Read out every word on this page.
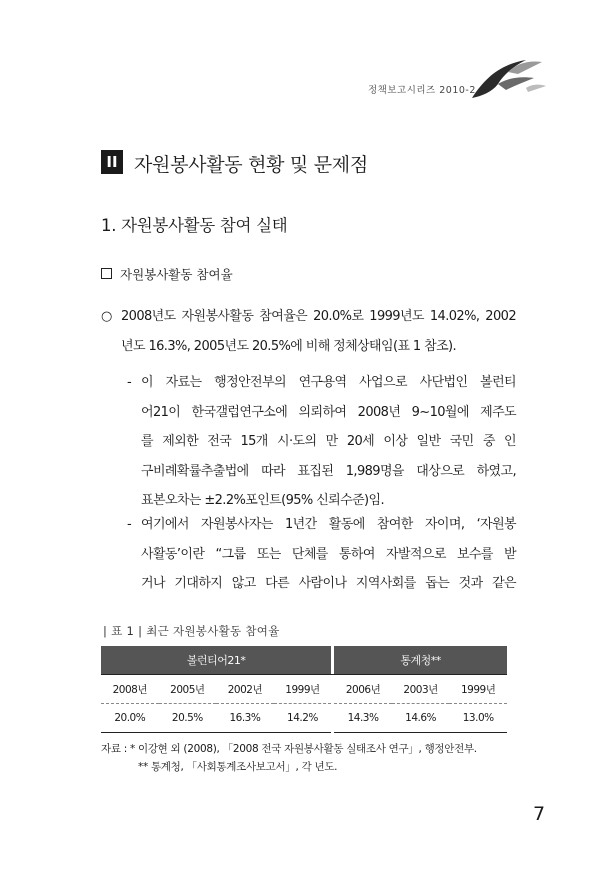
정책보고시리즈 2010-2
II 자원봉사활동 현황 및 문제점
1. 자원봉사활동 참여 실태
자원봉사활동 참여율
○ 2008년도 자원봉사활동 참여율은 20.0%로 1999년도 14.02%, 2002
년도 16.3%, 2005년도 20.5%에 비해 정체상태임(표 1 참조).
- 이 자료는 행정안전부의 연구용역 사업으로 사단법인 볼런티
어21이 한국갤럽연구소에 의뢰하여 2008년 9~10월에 제주도
를 제외한 전국 15개 시·도의 만 20세 이상 일반 국민 중 인
구비례확률추출법에 따라 표집된 1,989명을 대상으로 하였고,
표본오차는 ±2.2%포인트(95% 신뢰수준)임.
- 여기에서 자원봉사자는 1년간 활동에 참여한 자이며, ‘자원봉
사활동’이란 “그룹 또는 단체를 통하여 자발적으로 보수를 받
거나 기대하지 않고 다른 사람이나 지역사회를 돕는 것과 같은
| 표 1 | 최근 자원봉사활동 참여율
볼런티어21*					통계청**		
2008년	2005년	2002년	1999년		2006년	2003년	1999년
20.0%	20.5%	16.3%	14.2%		14.3%	14.6%	13.0%
자료 : * 이강현 외 (2008), 「2008 전국 자원봉사활동 실태조사 연구」, 행정안전부.
** 통계청, 「사회통계조사보고서」, 각 년도.
7
